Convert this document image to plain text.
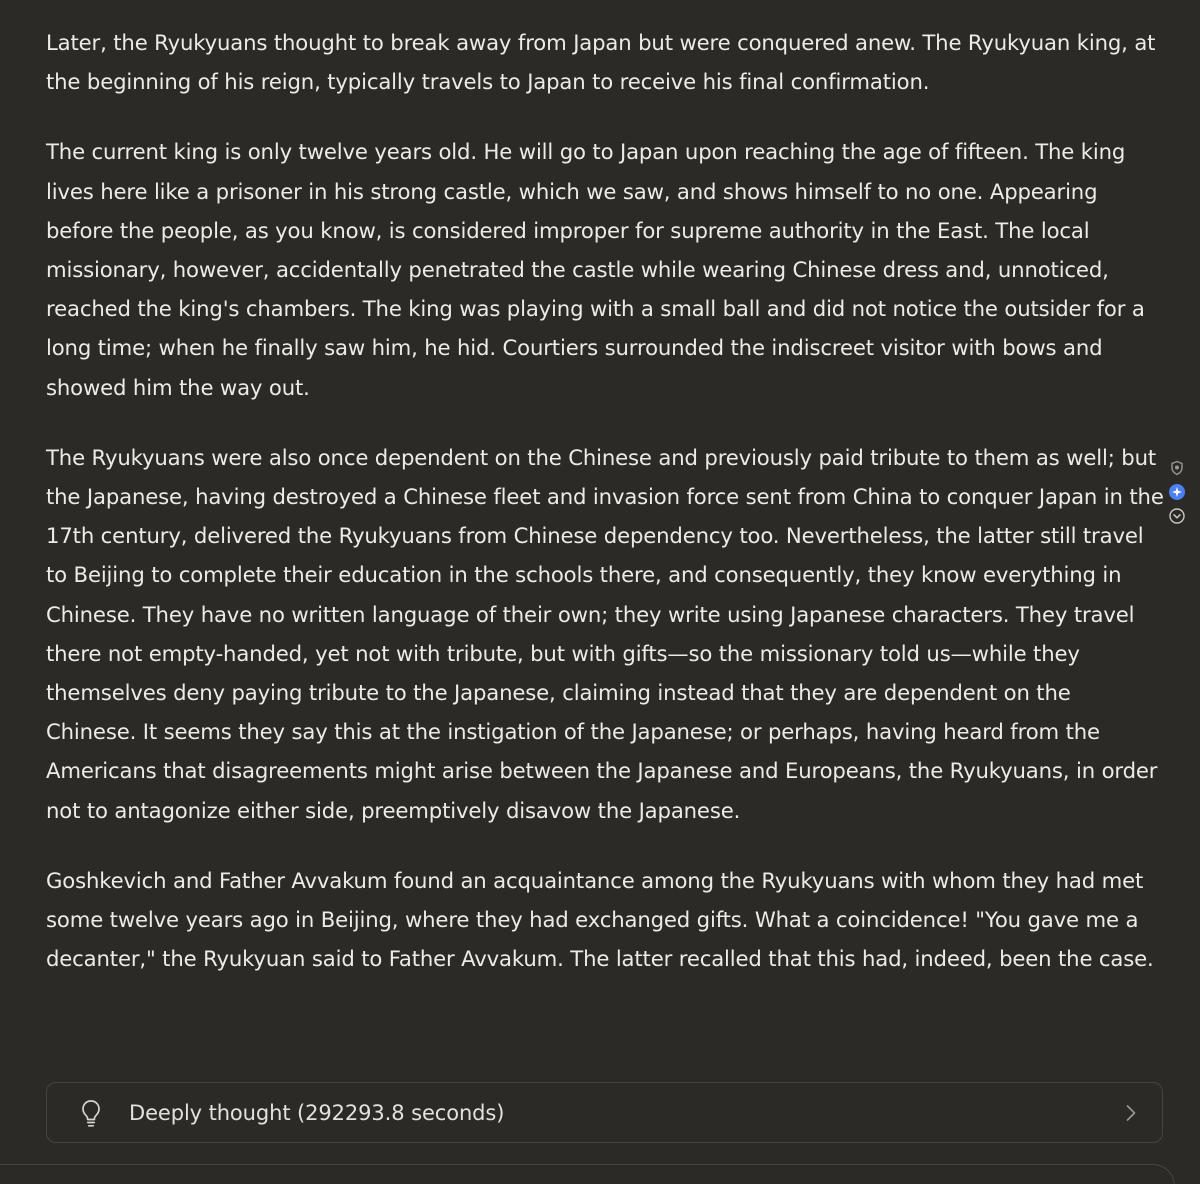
Later, the Ryukyuans thought to break away from Japan but were conquered anew. The Ryukyuan king, at the beginning of his reign, typically travels to Japan to receive his final confirmation.

The current king is only twelve years old. He will go to Japan upon reaching the age of fifteen. The king lives here like a prisoner in his strong castle, which we saw, and shows himself to no one. Appearing before the people, as you know, is considered improper for supreme authority in the East. The local missionary, however, accidentally penetrated the castle while wearing Chinese dress and, unnoticed, reached the king's chambers. The king was playing with a small ball and did not notice the outsider for a long time; when he finally saw him, he hid. Courtiers surrounded the indiscreet visitor with bows and showed him the way out.

The Ryukyuans were also once dependent on the Chinese and previously paid tribute to them as well; but the Japanese, having destroyed a Chinese fleet and invasion force sent from China to conquer Japan in the 17th century, delivered the Ryukyuans from Chinese dependency too. Nevertheless, the latter still travel to Beijing to complete their education in the schools there, and consequently, they know everything in Chinese. They have no written language of their own; they write using Japanese characters. They travel there not empty-handed, yet not with tribute, but with gifts—so the missionary told us—while they themselves deny paying tribute to the Japanese, claiming instead that they are dependent on the Chinese. It seems they say this at the instigation of the Japanese; or perhaps, having heard from the Americans that disagreements might arise between the Japanese and Europeans, the Ryukyuans, in order not to antagonize either side, preemptively disavow the Japanese.

Goshkevich and Father Avvakum found an acquaintance among the Ryukyuans with whom they had met some twelve years ago in Beijing, where they had exchanged gifts. What a coincidence! "You gave me a decanter," the Ryukyuan said to Father Avvakum. The latter recalled that this had, indeed, been the case.

Deeply thought (292293.8 seconds)
